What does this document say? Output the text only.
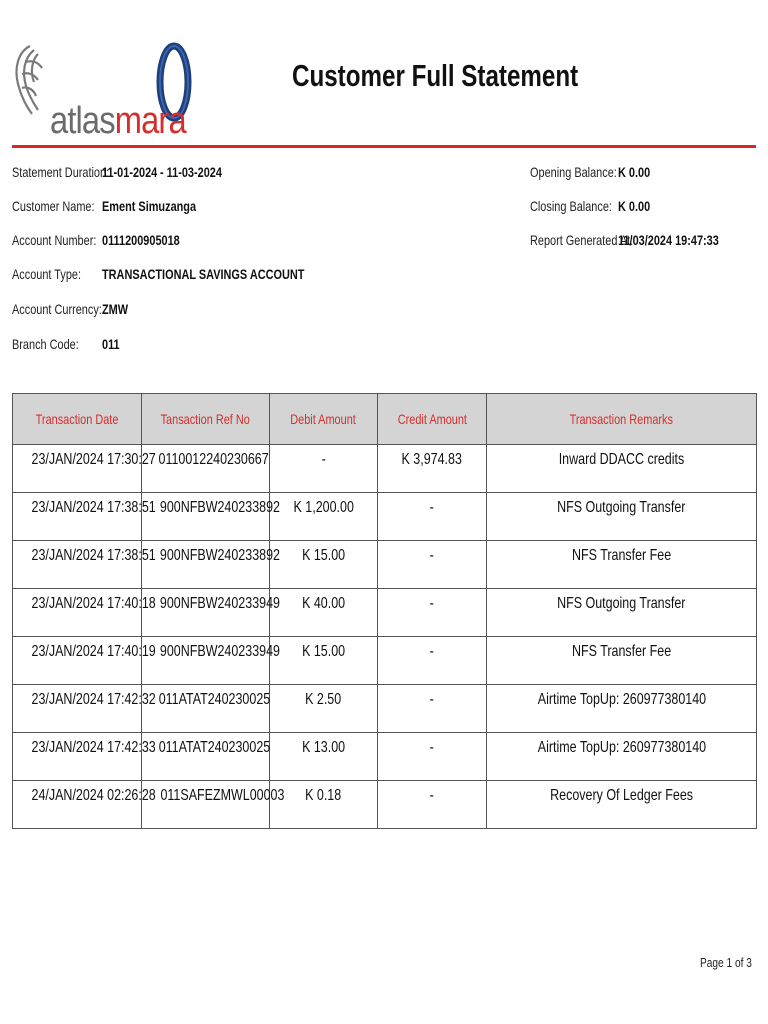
atlasmara
Customer Full Statement
Statement Duration:
11-01-2024 - 11-03-2024
Customer Name: Ement Simuzanga
Account Number: 0111200905018
Account Type:	TRANSACTIONAL SAVINGS ACCOUNT
Account Currency: ZMW
Branch Code:	011
Opening Balance: K 0.00
Closing Balance: K 0.00
Report Generated At:
11/03/2024 19:47:33
Transaction Date	Tansaction Ref No	Debit Amount	Credit Amount	Transaction Remarks
23/JAN/2024 17:30:27	0110012240230667	-	K 3,974.83	Inward DDACC credits
23/JAN/2024 17:38:51	900NFBW240233892	K 1,200.00	-	NFS Outgoing Transfer
23/JAN/2024 17:38:51	900NFBW240233892	K 15.00	-	NFS Transfer Fee
23/JAN/2024 17:40:18	900NFBW240233949	K 40.00	-	NFS Outgoing Transfer
23/JAN/2024 17:40:19	900NFBW240233949	K 15.00	-	NFS Transfer Fee
23/JAN/2024 17:42:32	011ATAT240230025	K 2.50	-	Airtime TopUp: 260977380140
23/JAN/2024 17:42:33	011ATAT240230025	K 13.00	-	Airtime TopUp: 260977380140
24/JAN/2024 02:26:28	011SAFEZMWL00003	K 0.18	-	Recovery Of Ledger Fees
Page 1 of 3
